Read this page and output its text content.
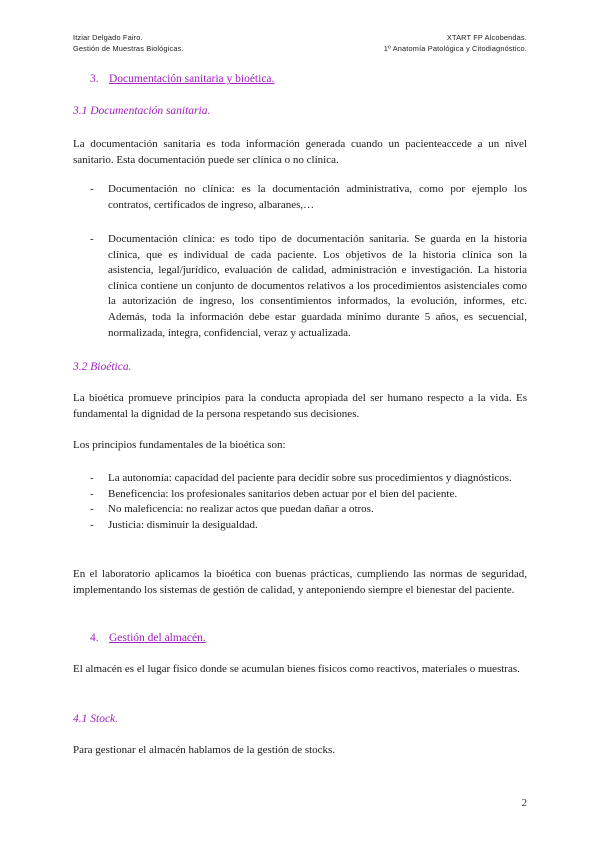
Itziar Delgado Fairo.
Gestión de Muestras Biológicas.
XTART FP Alcobendas.
1º Anatomía Patológica y Citodiagnóstico.
3. Documentación sanitaria y bioética.
3.1 Documentación sanitaria.

La documentación sanitaria es toda información generada cuando un pacienteaccede a un nivel sanitario. Esta documentación puede ser clínica o no clínica.

- Documentación no clínica: es la documentación administrativa, como por ejemplo los contratos, certificados de ingreso, albaranes,…
- Documentación clínica: es todo tipo de documentación sanitaria. Se guarda en la historia clínica, que es individual de cada paciente. Los objetivos de la historia clínica son la asistencia, legal/jurídico, evaluación de calidad, administración e investigación. La historia clínica contiene un conjunto de documentos relativos a los procedimientos asistenciales como la autorización de ingreso, los consentimientos informados, la evolución, informes, etc. Además, toda la información debe estar guardada mínimo durante 5 años, es secuencial, normalizada, íntegra, confidencial, veraz y actualizada.
3.2 Bioética.

La bioética promueve principios para la conducta apropiada del ser humano respecto a la vida. Es fundamental la dignidad de la persona respetando sus decisiones.

Los principios fundamentales de la bioética son:

- La autonomía: capacidad del paciente para decidir sobre sus procedimientos y diagnósticos.
- Beneficencia: los profesionales sanitarios deben actuar por el bien del paciente.
- No maleficencia: no realizar actos que puedan dañar a otros.
- Justicia: disminuir la desigualdad.

En el laboratorio aplicamos la bioética con buenas prácticas, cumpliendo las normas de seguridad, implementando los sistemas de gestión de calidad, y anteponiendo siempre el bienestar del paciente.

4. Gestión del almacén.

El almacén es el lugar físico donde se acumulan bienes físicos como reactivos, materiales o muestras.

4.1 Stock.

Para gestionar el almacén hablamos de la gestión de stocks.

2
